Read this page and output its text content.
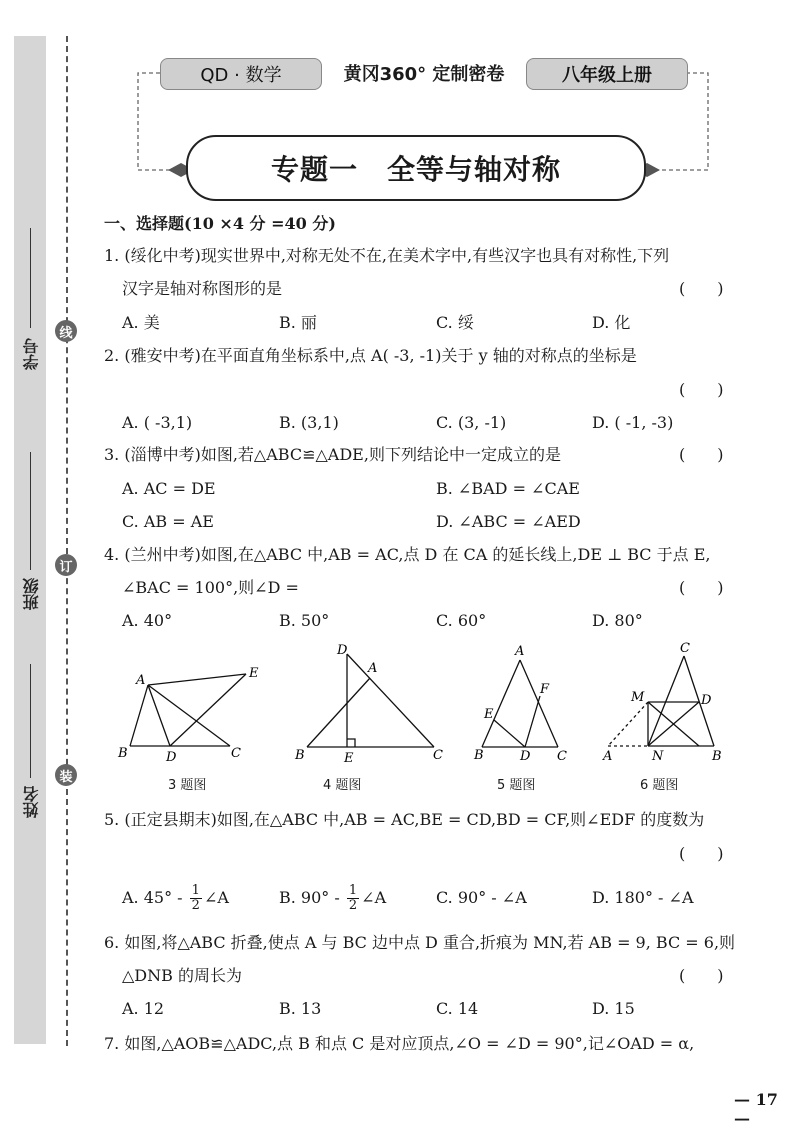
学号
班级
姓名
线
订
装
QD · 数学	黄冈360° 定制密卷	八年级上册
专题一　全等与轴对称
一、选择题(10 ×4 分 =40 分)
1. (绥化中考)现实世界中,对称无处不在,在美术字中,有些汉字也具有对称性,下列
汉字是轴对称图形的是	(　　)
A. 美	B. 丽	C. 绥	D. 化
2. (雅安中考)在平面直角坐标系中,点 A( -3, -1)关于 y 轴的对称点的坐标是
(　　)
A. ( -3,1)	B. (3,1)	C. (3, -1)	D. ( -1, -3)
3. (淄博中考)如图,若△ABC≌△ADE,则下列结论中一定成立的是	(　　)
A. AC = DE	B. ∠BAD = ∠CAE
C. AB = AE	D. ∠ABC = ∠AED
4. (兰州中考)如图,在△ABC 中,AB = AC,点 D 在 CA 的延长线上,DE ⊥ BC 于点 E,
∠BAC = 100°,则∠D =	(　　)
A. 40°	B. 50°	C. 60°	D. 80°
A	E
B	D	C
D
A
B	E	C
A
F
E
B	D C
C
M	D
A	N	B
3 题图	4 题图	5 题图	6 题图
5. (正定县期末)如图,在△ABC 中,AB = AC,BE = CD,BD = CF,则∠EDF 的度数为
(　　)
A. $45^\circ - \frac{1}{2}$ ∠A	B. $90^\circ - \frac{1}{2}$ ∠A	C. 90° - ∠A	D. 180° - ∠A
6. 如图,将△ABC 折叠,使点 A 与 BC 边中点 D 重合,折痕为 MN,若 AB = 9, BC = 6,则
△DNB 的周长为	(　　)
A. 12	B. 13	C. 14	D. 15
7. 如图,△AOB≌△ADC,点 B 和点 C 是对应顶点,∠O = ∠D = 90°,记∠OAD = α,
— 17 —
